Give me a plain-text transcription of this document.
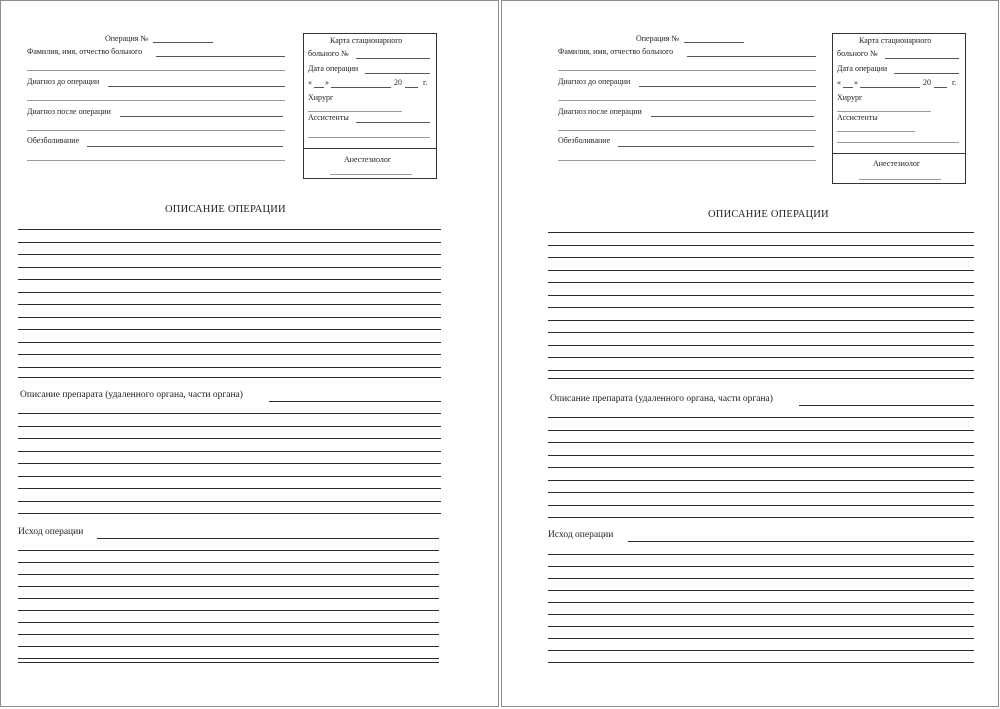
Операция №
Фамилия, имя, отчество больного
Диагноз до операции
Диагноз после операции
Обезболивание
Карта стационарного
больного №
Дата операции
« »	20	г.
Хирург
Ассистенты
Анестезиолог
ОПИСАНИЕ ОПЕРАЦИИ
Описание препарата (удаленного органа, части органа)
Исход операции
Операция №
Фамилия, имя, отчество больного
Диагноз до операции
Диагноз после операции
Обезболивание
Карта стационарного
больного №
Дата операции
« »	20	г.
Хирург
Ассистенты
Анестезиолог
ОПИСАНИЕ ОПЕРАЦИИ
Описание препарата (удаленного органа, части органа)
Исход операции
